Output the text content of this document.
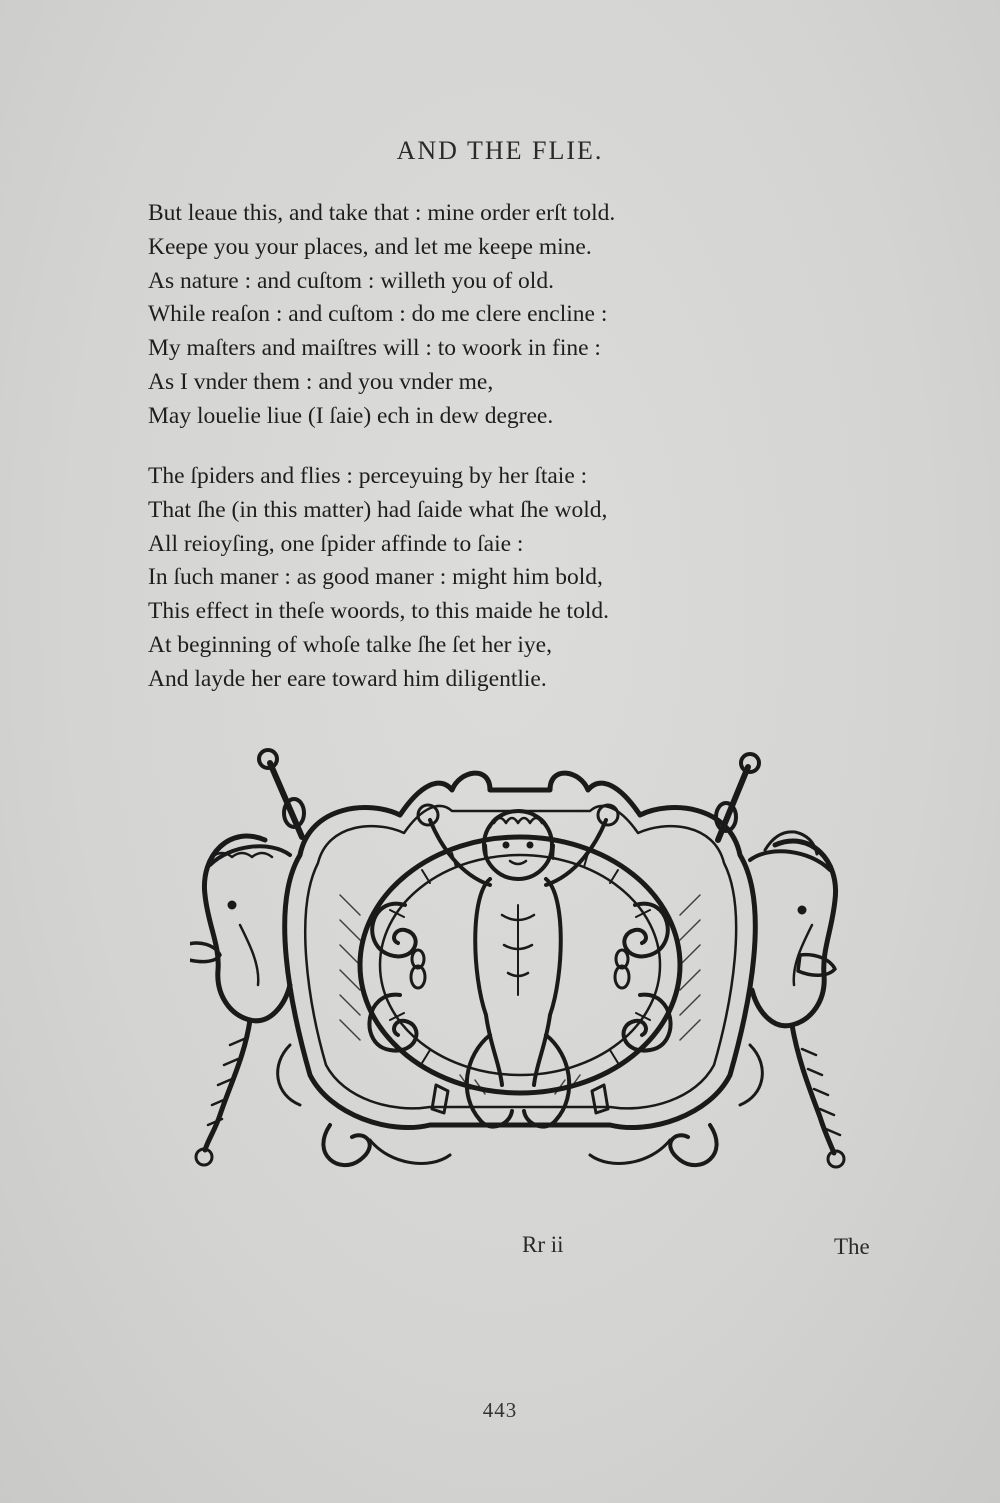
AND THE FLIE.
But leaue this, and take that : mine order erſt told.
Keepe you your places, and let me keepe mine.
As nature : and cuſtom : willeth you of old.
While reaſon : and cuſtom : do me clere encline :
My maſters and maiſtres will : to woork in fine :
As I vnder them : and you vnder me,
May louelie liue (I ſaie) ech in dew degree.
The ſpiders and flies : perceyuing by her ſtaie :
That ſhe (in this matter) had ſaide what ſhe wold,
All reioyſing, one ſpider affinde to ſaie :
In ſuch maner : as good maner : might him bold,
This effect in theſe woords, to this maide he told.
At beginning of whoſe talke ſhe ſet her iye,
And layde her eare toward him diligentlie.
Rr ii	The
443
